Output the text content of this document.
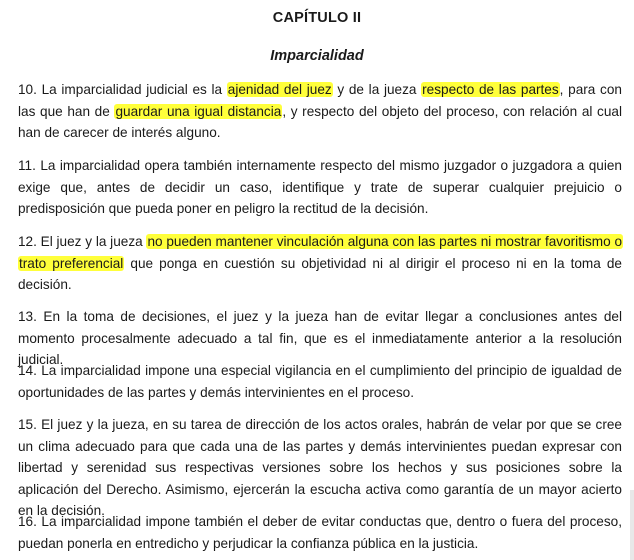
CAPÍTULO II
Imparcialidad

10. La imparcialidad judicial es la ajenidad del juez y de la jueza respecto de las partes, para con las que han de guardar una igual distancia, y respecto del objeto del proceso, con relación al cual han de carecer de interés alguno.

11. La imparcialidad opera también internamente respecto del mismo juzgador o juzgadora a quien exige que, antes de decidir un caso, identifique y trate de superar cualquier prejuicio o predisposición que pueda poner en peligro la rectitud de la decisión.

12. El juez y la jueza no pueden mantener vinculación alguna con las partes ni mostrar favoritismo o trato preferencial que ponga en cuestión su objetividad ni al dirigir el proceso ni en la toma de decisión.

13. En la toma de decisiones, el juez y la jueza han de evitar llegar a conclusiones antes del momento procesalmente adecuado a tal fin, que es el inmediatamente anterior a la resolución judicial.

14. La imparcialidad impone una especial vigilancia en el cumplimiento del principio de igualdad de oportunidades de las partes y demás intervinientes en el proceso.

15. El juez y la jueza, en su tarea de dirección de los actos orales, habrán de velar por que se cree un clima adecuado para que cada una de las partes y demás intervinientes puedan expresar con libertad y serenidad sus respectivas versiones sobre los hechos y sus posiciones sobre la aplicación del Derecho. Asimismo, ejercerán la escucha activa como garantía de un mayor acierto en la decisión.

16. La imparcialidad impone también el deber de evitar conductas que, dentro o fuera del proceso, puedan ponerla en entredicho y perjudicar la confianza pública en la justicia.
